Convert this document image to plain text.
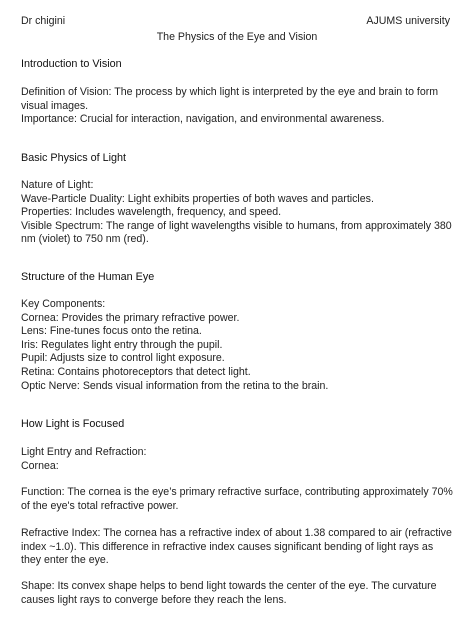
Dr chigini	AJUMS university
The Physics of the Eye and Vision
Introduction to Vision
Definition of Vision: The process by which light is interpreted by the eye and brain to form
visual images.
Importance: Crucial for interaction, navigation, and environmental awareness.
Basic Physics of Light
Nature of Light:
Wave-Particle Duality: Light exhibits properties of both waves and particles.
Properties: Includes wavelength, frequency, and speed.
Visible Spectrum: The range of light wavelengths visible to humans, from approximately 380
nm (violet) to 750 nm (red).
Structure of the Human Eye
Key Components:
Cornea: Provides the primary refractive power.
Lens: Fine-tunes focus onto the retina.
Iris: Regulates light entry through the pupil.
Pupil: Adjusts size to control light exposure.
Retina: Contains photoreceptors that detect light.
Optic Nerve: Sends visual information from the retina to the brain.
How Light is Focused
Light Entry and Refraction:
Cornea:
Function: The cornea is the eye’s primary refractive surface, contributing approximately 70%
of the eye's total refractive power.
Refractive Index: The cornea has a refractive index of about 1.38 compared to air (refractive
index ~1.0). This difference in refractive index causes significant bending of light rays as
they enter the eye.
Shape: Its convex shape helps to bend light towards the center of the eye. The curvature
causes light rays to converge before they reach the lens.
